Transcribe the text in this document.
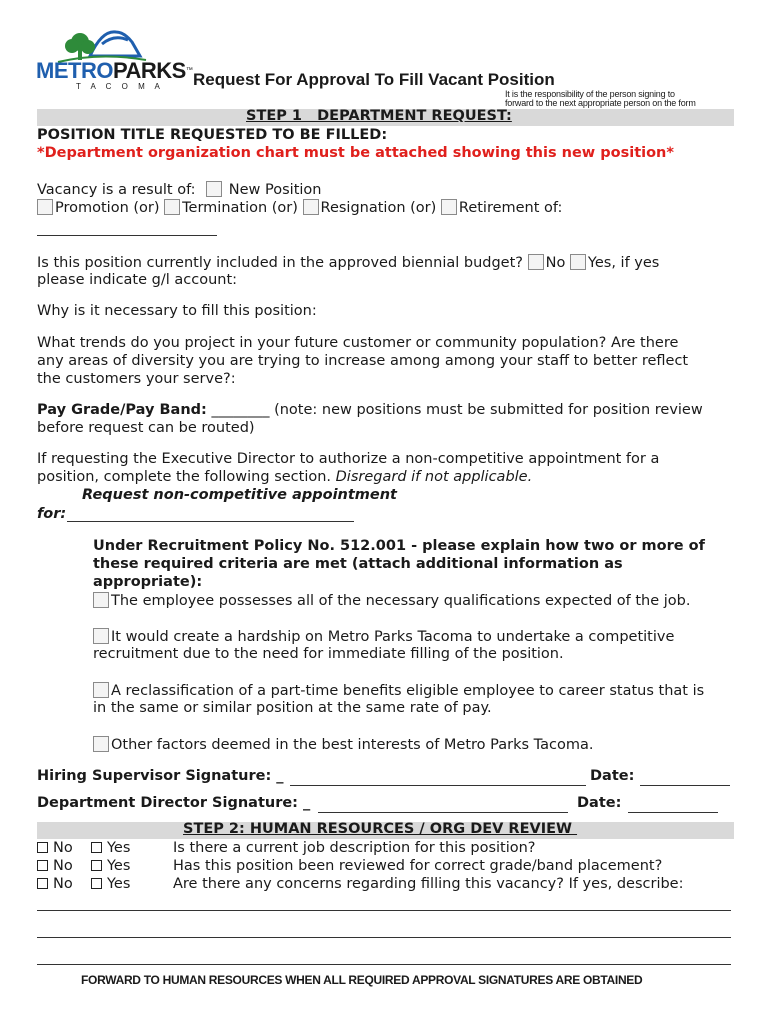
METROPARKS™
T A C O M A Request For Approval To Fill Vacant Position
It is the responsibility of the person signing to
forward to the next appropriate person on the form
STEP 1   DEPARTMENT REQUEST:
POSITION TITLE REQUESTED TO BE FILLED:
*Department organization chart must be attached showing this new position*
Vacancy is a result of: New Position
Promotion (or) Termination (or) Resignation (or) Retirement of:
Is this position currently included in the approved biennial budget? No Yes, if yes
please indicate g/l account:
Why is it necessary to fill this position:
What trends do you project in your future customer or community population? Are there
any areas of diversity you are trying to increase among among your staff to better reflect
the customers your serve?:
Pay Grade/Pay Band: ________ (note: new positions must be submitted for position review
before request can be routed)
If requesting the Executive Director to authorize a non-competitive appointment for a
position, complete the following section. Disregard if not applicable.
Request non-competitive appointment
for:
Under Recruitment Policy No. 512.001 - please explain how two or more of
these required criteria are met (attach additional information as
appropriate):
The employee possesses all of the necessary qualifications expected of the job.
It would create a hardship on Metro Parks Tacoma to undertake a competitive
recruitment due to the need for immediate filling of the position.
A reclassification of a part-time benefits eligible employee to career status that is
in the same or similar position at the same rate of pay.
Other factors deemed in the best interests of Metro Parks Tacoma.
Hiring Supervisor Signature: _	Date:
Department Director Signature: _	Date:
STEP 2: HUMAN RESOURCES / ORG DEV REVIEW
No	Yes	Is there a current job description for this position?
No	Yes	Has this position been reviewed for correct grade/band placement?
No	Yes	Are there any concerns regarding filling this vacancy? If yes, describe:
FORWARD TO HUMAN RESOURCES WHEN ALL REQUIRED APPROVAL SIGNATURES ARE OBTAINED
